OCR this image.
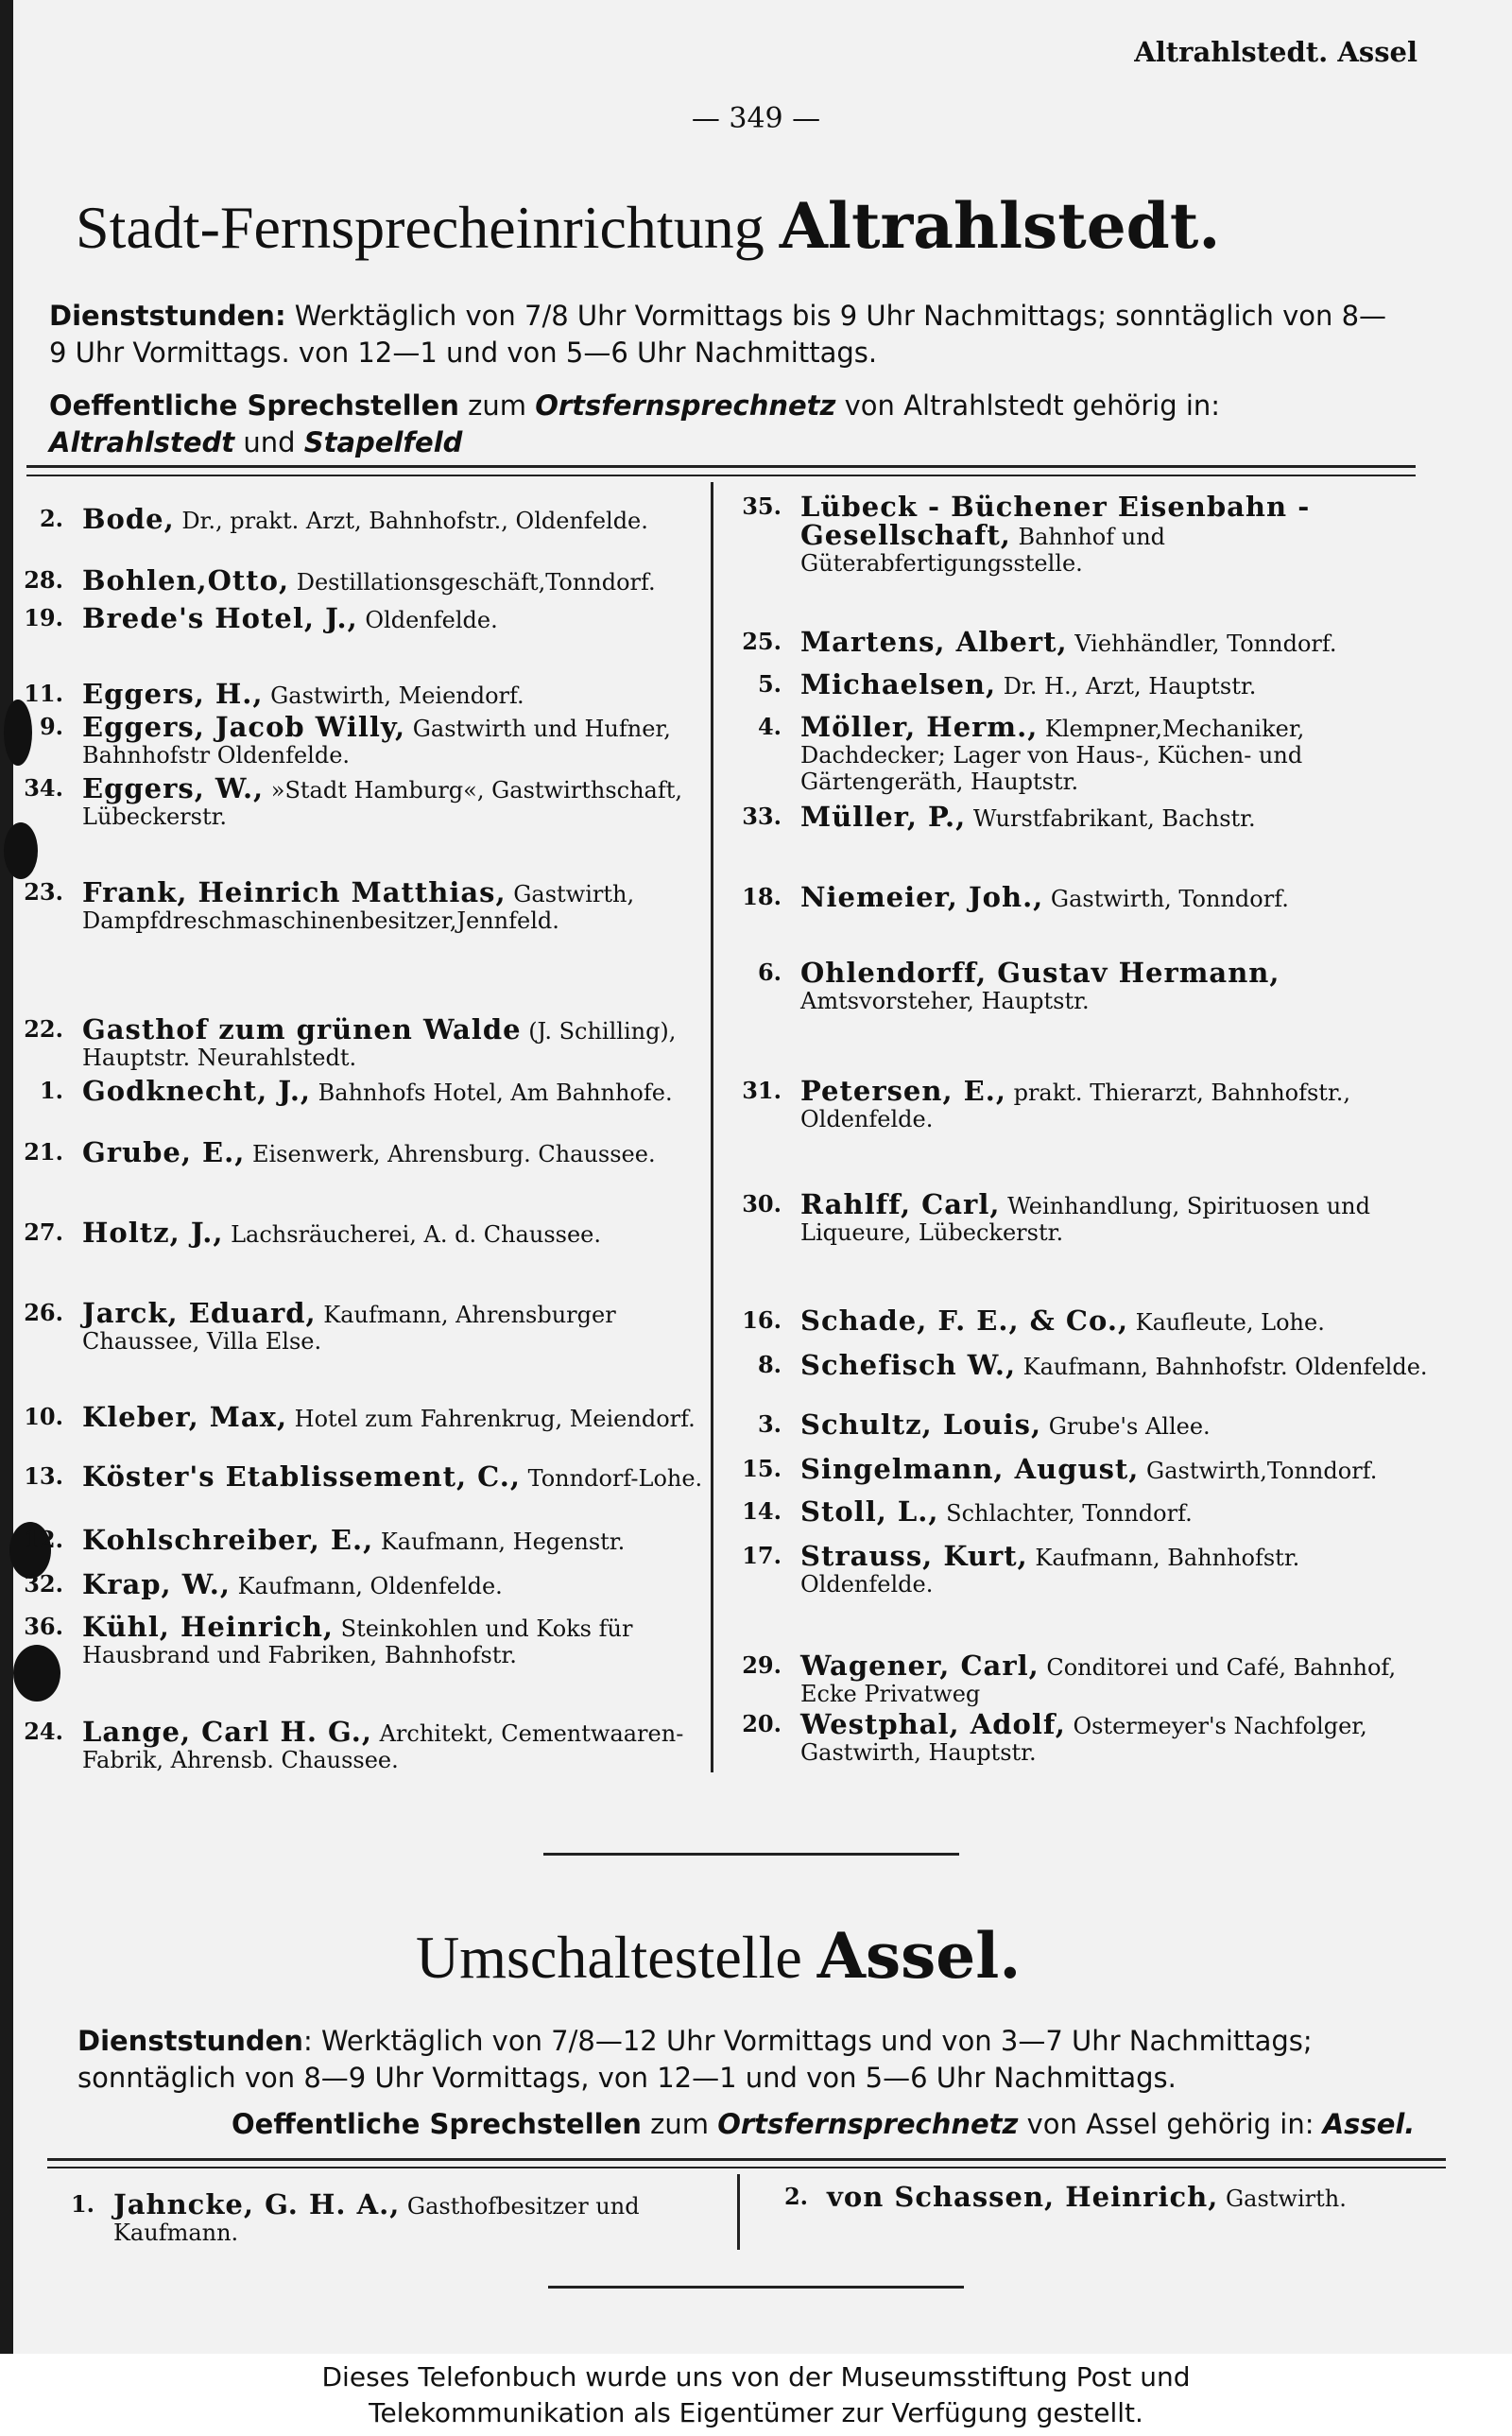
Altrahlstedt. Assel
— 349 —
Stadt-Fernsprecheinrichtung Altrahlstedt.
Dienststunden: Werktäglich von 7/8 Uhr Vormittags bis 9 Uhr Nachmittags; sonntäglich von 8— 9 Uhr Vormittags. von 12—1 und von 5—6 Uhr Nachmittags.
Oeffentliche Sprechstellen zum Ortsfernsprechnetz von Altrahlstedt gehörig in: Altrahlstedt und Stapelfeld
2. Bode, Dr., prakt. Arzt, Bahnhofstr., Oldenfelde.
28. Bohlen,Otto, Destillationsgeschäft,Tonndorf.
19. Brede's Hotel, J., Oldenfelde.
11. Eggers, H., Gastwirth, Meiendorf.
9. Eggers, Jacob Willy, Gastwirth und Hufner, Bahnhofstr Oldenfelde.
34. Eggers, W., »Stadt Hamburg«, Gastwirthschaft, Lübeckerstr.
23. Frank, Heinrich Matthias, Gastwirth, Dampfdreschmaschinenbesitzer,Jennfeld.
22. Gasthof zum grünen Walde (J. Schilling), Hauptstr. Neurahlstedt.
1. Godknecht, J., Bahnhofs Hotel, Am Bahnhofe.
21. Grube, E., Eisenwerk, Ahrensburg. Chaussee.
27. Holtz, J., Lachsräucherei, A. d. Chaussee.
26. Jarck, Eduard, Kaufmann, Ahrensburger Chaussee, Villa Else.
10. Kleber, Max, Hotel zum Fahrenkrug, Meiendorf.
13. Köster's Etablissement, C., Tonndorf-Lohe.
12. Kohlschreiber, E., Kaufmann, Hegenstr.
32. Krap, W., Kaufmann, Oldenfelde.
36. Kühl, Heinrich, Steinkohlen und Koks für Hausbrand und Fabriken, Bahnhofstr.
24. Lange, Carl H. G., Architekt, Cementwaaren-Fabrik, Ahrensb. Chaussee.
35. Lübeck - Büchener Eisenbahn - Gesellschaft, Bahnhof und Güterabfertigungsstelle.
25. Martens, Albert, Viehhändler, Tonndorf.
5. Michaelsen, Dr. H., Arzt, Hauptstr.
4. Möller, Herm., Klempner,Mechaniker, Dachdecker; Lager von Haus-, Küchen- und Gärtengeräth, Hauptstr.
33. Müller, P., Wurstfabrikant, Bachstr.
18. Niemeier, Joh., Gastwirth, Tonndorf.
6. Ohlendorff, Gustav Hermann, Amtsvorsteher, Hauptstr.
31. Petersen, E., prakt. Thierarzt, Bahnhofstr., Oldenfelde.
30. Rahlff, Carl, Weinhandlung, Spirituosen und Liqueure, Lübeckerstr.
16. Schade, F. E., & Co., Kaufleute, Lohe.
8. Schefisch W., Kaufmann, Bahnhofstr. Oldenfelde.
3. Schultz, Louis, Grube's Allee.
15. Singelmann, August, Gastwirth,Tonndorf.
14. Stoll, L., Schlachter, Tonndorf.
17. Strauss, Kurt, Kaufmann, Bahnhofstr. Oldenfelde.
29. Wagener, Carl, Conditorei und Café, Bahnhof, Ecke Privatweg
20. Westphal, Adolf, Ostermeyer's Nachfolger, Gastwirth, Hauptstr.
Umschaltestelle Assel.
Dienststunden: Werktäglich von 7/8—12 Uhr Vormittags und von 3—7 Uhr Nachmittags; sonntäglich von 8—9 Uhr Vormittags, von 12—1 und von 5—6 Uhr Nachmittags.
Oeffentliche Sprechstellen zum Ortsfernsprechnetz von Assel gehörig in: Assel.
1. Jahncke, G. H. A., Gasthofbesitzer und Kaufmann.
2. von Schassen, Heinrich, Gastwirth.
Dieses Telefonbuch wurde uns von der Museumsstiftung Post und
Telekommunikation als Eigentümer zur Verfügung gestellt.
